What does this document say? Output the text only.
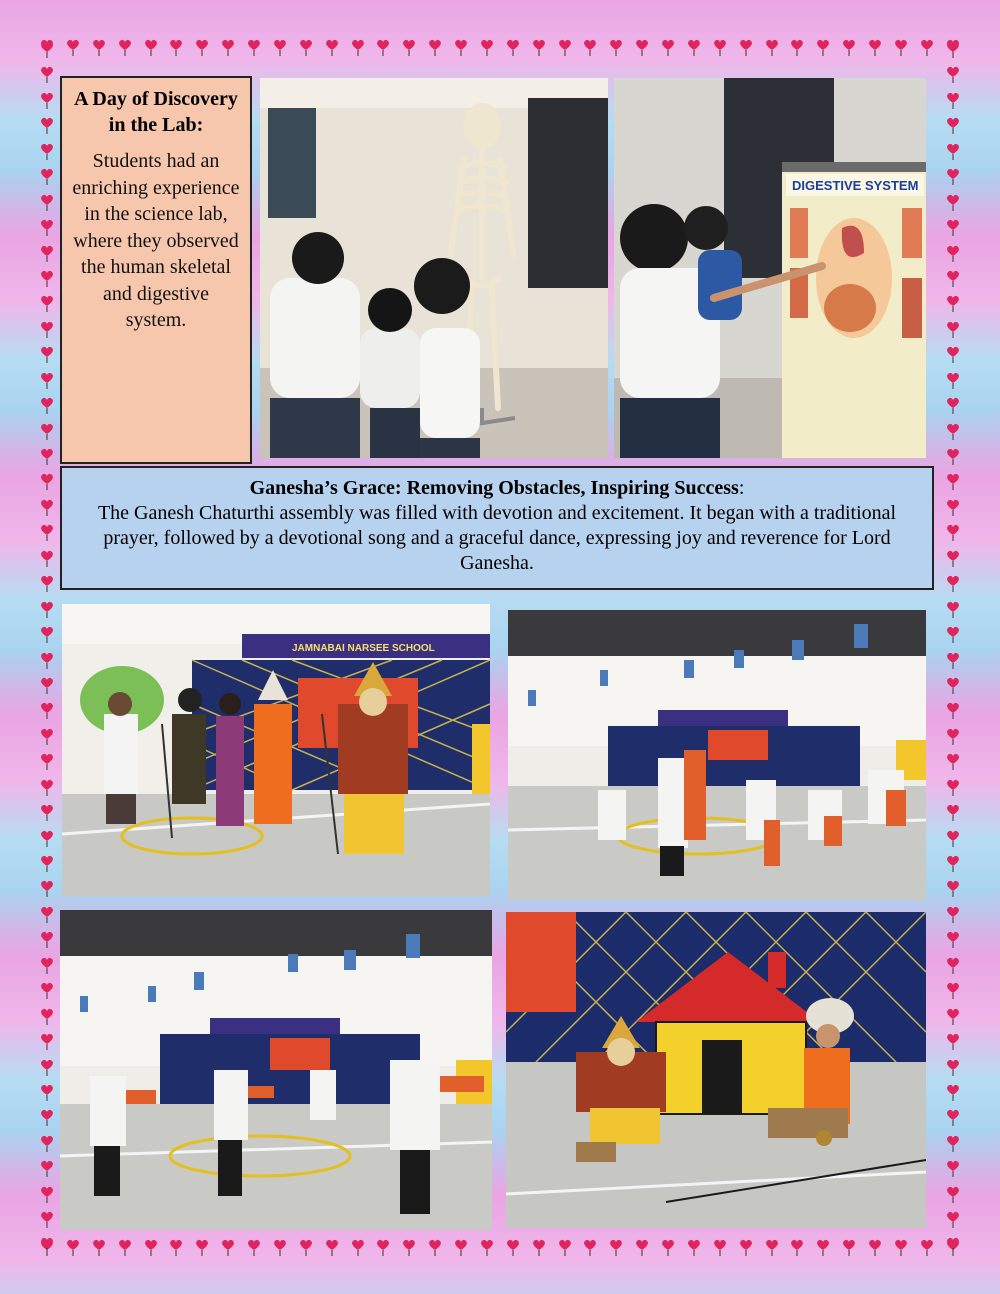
A Day of Discovery in the Lab:
Students had an enriching experience in the science lab, where they observed the human skeletal and digestive system.
DIGESTIVE SYSTEM
Ganesha’s Grace: Removing Obstacles, Inspiring Success:
The Ganesh Chaturthi assembly was filled with devotion and excitement. It began with a traditional prayer, followed by a devotional song and a graceful dance, expressing joy and reverence for Lord Ganesha.
JAMNABAI NARSEE SCHOOL
